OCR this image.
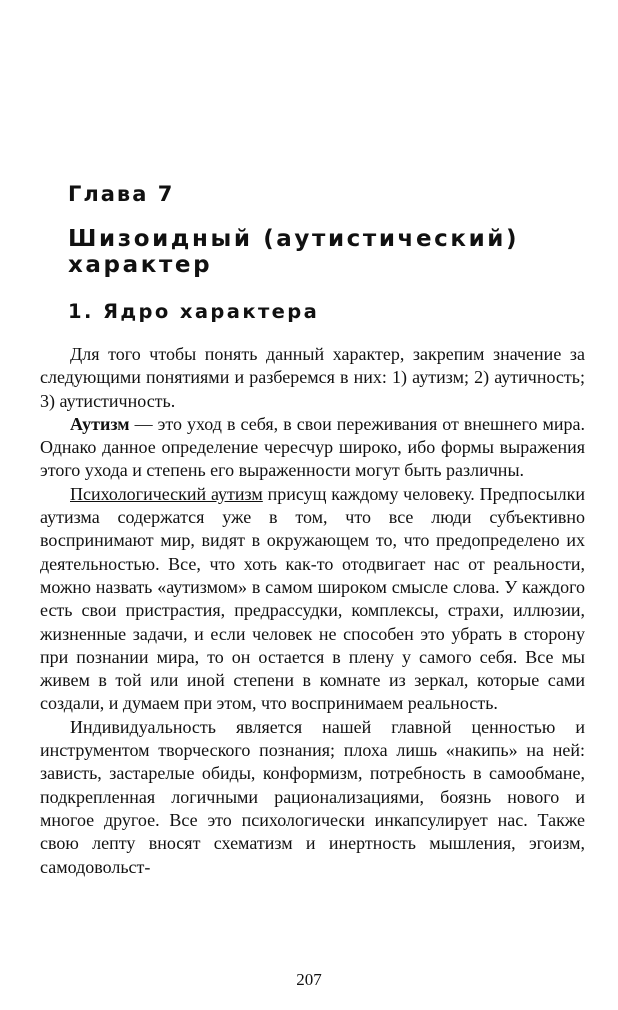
Глава 7
Шизоидный (аутистический) характер
1. Ядро характера

Для того чтобы понять данный характер, закрепим значение за следующими понятиями и разберемся в них: 1) аутизм; 2) аутичность; 3) аутистичность.

Аутизм — это уход в себя, в свои переживания от внешнего мира. Однако данное определение чересчур широко, ибо формы выражения этого ухода и степень его выраженности могут быть различны.

Психологический аутизм присущ каждому человеку. Предпосылки аутизма содержатся уже в том, что все люди субъективно воспринимают мир, видят в окружающем то, что предопределено их деятельностью. Все, что хоть как-то отодвигает нас от реальности, можно назвать «аутизмом» в самом широком смысле слова. У каждого есть свои пристрастия, предрассудки, комплексы, страхи, иллюзии, жизненные задачи, и если человек не способен это убрать в сторону при познании мира, то он остается в плену у самого себя. Все мы живем в той или иной степени в комнате из зеркал, которые сами создали, и думаем при этом, что воспринимаем реальность.

Индивидуальность является нашей главной ценностью и инструментом творческого познания; плоха лишь «накипь» на ней: зависть, застарелые обиды, конформизм, потребность в самообмане, подкрепленная логичными рационализациями, боязнь нового и многое другое. Все это психологически инкапсулирует нас. Также свою лепту вносят схематизм и инертность мышления, эгоизм, самодовольст-

207
